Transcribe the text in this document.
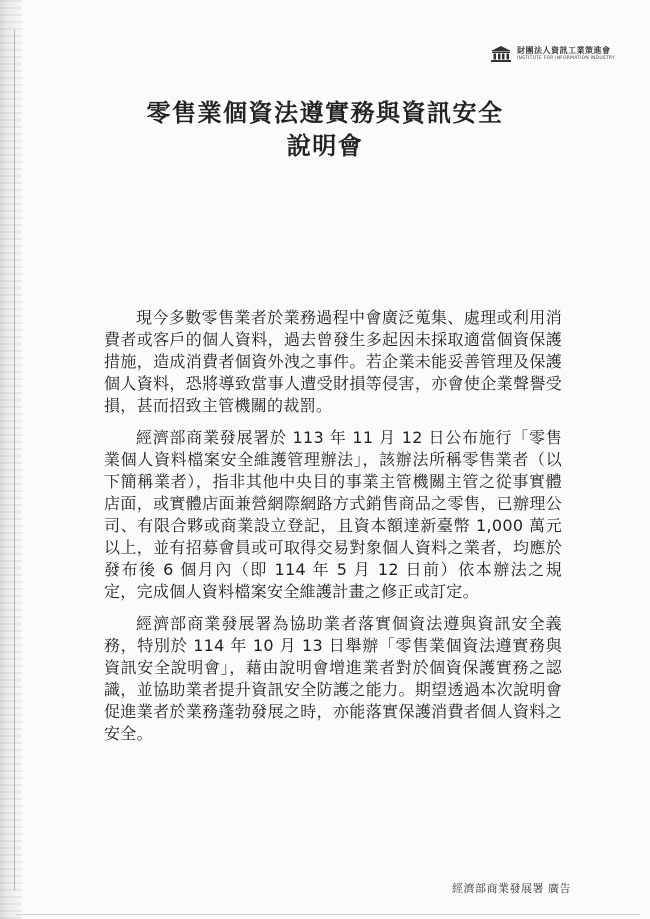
財團法人資訊工業策進會
INSTITUTE FOR INFORMATION INDUSTRY
零售業個資法遵實務與資訊安全
說明會

現今多數零售業者於業務過程中會廣泛蒐集、處理或利用消費者或客戶的個人資料，過去曾發生多起因未採取適當個資保護措施，造成消費者個資外洩之事件。若企業未能妥善管理及保護個人資料，恐將導致當事人遭受財損等侵害，亦會使企業聲譽受損，甚而招致主管機關的裁罰。

經濟部商業發展署於 113 年 11 月 12 日公布施行「零售業個人資料檔案安全維護管理辦法」，該辦法所稱零售業者（以下簡稱業者），指非其他中央目的事業主管機關主管之從事實體店面，或實體店面兼營網際網路方式銷售商品之零售，已辦理公司、有限合夥或商業設立登記，且資本額達新臺幣 1,000 萬元以上，並有招募會員或可取得交易對象個人資料之業者，均應於發布後 6 個月內（即 114 年 5 月 12 日前）依本辦法之規定，完成個人資料檔案安全維護計畫之修正或訂定。

經濟部商業發展署為協助業者落實個資法遵與資訊安全義務，特別於 114 年 10 月 13 日舉辦「零售業個資法遵實務與資訊安全說明會」，藉由說明會增進業者對於個資保護實務之認識，並協助業者提升資訊安全防護之能力。期望透過本次說明會促進業者於業務蓬勃發展之時，亦能落實保護消費者個人資料之安全。

經濟部商業發展署 廣告
